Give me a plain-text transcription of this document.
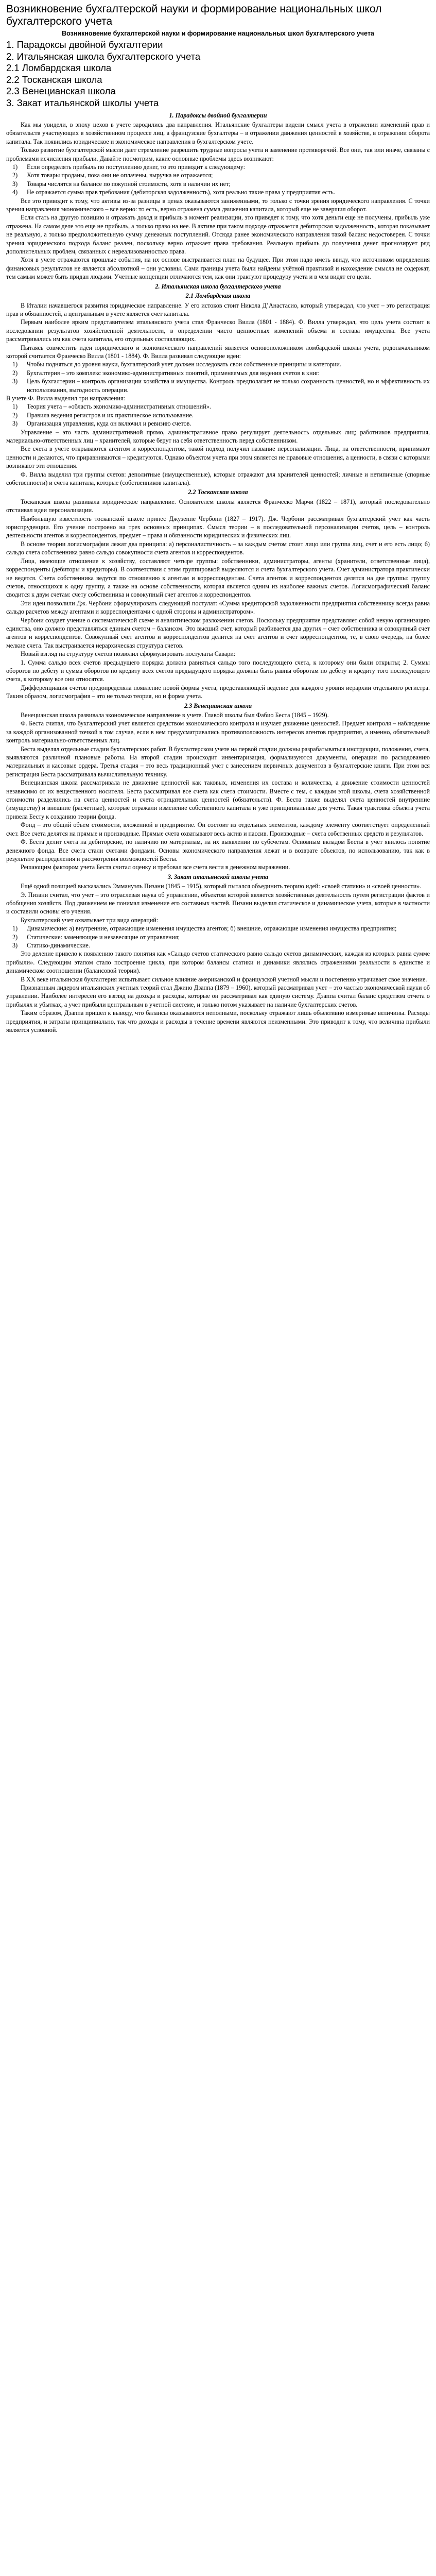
Возникновение бухгалтерской науки и формирование национальных школ бухгалтерского учета
Возникновение бухгалтерской науки и формирование национальных школ бухгалтерского учета
1. Парадоксы двойной бухгалтерии
2. Итальянская школа бухгалтерского учета
2.1 Ломбардская школа
2.2 Тосканская школа
2.3 Венецианская школа
3. Закат итальянской школы учета
1. Парадоксы двойной бухгалтерии
Как мы увидели, в эпоху цехов в учете зародились два направления. Итальянские бухгалтеры видели смысл учета в отражении изменений прав и обязательств участвующих в хозяйственном процессе лиц, а французские бухгалтеры – в отражении движения ценностей в хозяйстве, в отражении оборота капитала. Так появились юридическое и экономическое направления в бухгалтерском учете.
Только развитие бухгалтерской мысли дает стремление разрешить трудные вопросы учета и заменение противоречий. Все они, так или иначе, связаны с проблемами исчисления прибыли. Давайте посмотрим, какие основные проблемы здесь возникают:
1) Если определять прибыль по поступлению денег, то это приводит к следующему:
2) Хотя товары проданы, пока они не оплачены, выручка не отражается;
3) Товары числятся на балансе по покупной стоимости, хотя в наличии их нет;
4) Не отражается сумма прав требования (дебиторская задолженность), хотя реально такие права у предприятия есть.
Все это приводит к тому, что активы из-за разницы в ценах оказываются заниженными, то только с точки зрения юридического направления. С точки зрения направления экономического – все верно: то есть, верно отражена сумма движения капитала, который еще не завершил оборот.
Если стать на другую позицию и отражать доход и прибыль в момент реализации, это приведет к тому, что хотя деньги еще не получены, прибыль уже отражена. На самом деле это еще не прибыль, а только право на нее. В активе при таком подходе отражается дебиторская задолженность, которая показывает не реальную, а только предположительную сумму денежных поступлений. Отсюда ранее экономического направления такой баланс недостоверен. С точки зрения юридического подхода баланс реален, поскольку верно отражает права требования. Реальную прибыль до получения денег прогнозирует ряд дополнительных проблем, связанных с нереализованностью права.
Хотя в учете отражаются прошлые события, на их основе выстраивается план на будущее. При этом надо иметь ввиду, что источником определения финансовых результатов не является абсолютной – они условны. Сами границы учета были найдены учётной практикой и нахождение смысла не содержат, тем самым может быть придан людьми. Учетные концепции отличаются тем, как они трактуют процедуру учета и в чем видят его цели.
2. Итальянская школа бухгалтерского учета
2.1 Ломбардская школа
В Италии начавшегося развития юридическое направление. У его истоков стоит Никола Д’Анастасио, который утверждал, что учет – это регистрация прав и обязанностей, а центральным в учете является счет капитала.
Первым наиболее ярким представителем итальянского учета стал Франческо Вилла (1801 - 1884). Ф. Вилла утверждал, что цель учета состоит в исследовании результатов хозяйственной деятельности, в определении чисто ценностных изменений объема и состава имущества. Все учета рассматривались им как счета капитала, его отдельных составляющих.
Пытаясь совместить идеи юридического и экономического направлений является основоположником ломбардской школы учета, родоначальником которой считается Франческо Вилла (1801 - 1884). Ф. Вилла развивал следующие идеи:
1) Чтобы подняться до уровня науки, бухгалтерский учет должен исследовать свои собственные принципы и категории.
2) Бухгалтерия – это комплекс экономико-административных понятий, применяемых для ведения счетов в книг.
3) Цель бухгалтерии – контроль организации хозяйства и имущества. Контроль предполагает не только сохранность ценностей, но и эффективность их использования, выгодность операции.
В учете Ф. Вилла выделил три направления:
1) Теория учета – «область экономико-административных отношений».
2) Правила ведения регистров и их практическое использование.
3) Организация управления, куда он включил и ревизию счетов.
Управление – это часть административной прямо, административное право регулирует деятельность отдельных лиц; работников предприятия, материально-ответственных лиц – хранителей, которые берут на себя ответственность перед собственником.
Все счета в учете открываются агентом и корреспондентом, такой подход получил название персонализации. Лица, на ответственности, принимают ценности и делаются, что приравниваются – кредитуются. Однако объектом учета при этом является не правовые отношения, а ценности, в связи с которыми возникают эти отношения.
Ф. Вилла выделил три группы счетов: деполитные (имущественные), которые отражают для хранителей ценностей; личные и нетипичные (спорные собственности) и счета капитала, которые (собственников капитала).
2.2 Тосканская школа
Тосканская школа развивала юридическое направление. Основателем школы является Франческо Марчи (1822 – 1871), который последовательно отстаивал идеи персонализации.
Наибольшую известность тосканской школе принес Джузеппе Чербони (1827 – 1917). Дж. Чербони рассматривал бухгалтерский учет как часть юриспруденции. Его учение построено на трех основных принципах. Смысл теории – в последовательной персонализации счетов, цель – контроль деятельности агентов и корреспондентов, предмет – права и обязанности юридических и физических лиц.
В основе теории логисмографии лежат два принципа: а) персоналистичность – за каждым счетом стоит лицо или группа лиц, счет и его есть лицо; б) сальдо счета собственника равно сальдо совокупности счета агентов и корреспондентов.
Лица, имеющие отношение к хозяйству, составляют четыре группы: собственники, администраторы, агенты (хранители, ответственные лица), корреспонденты (дебиторы и кредиторы). В соответствии с этим группировкой выделяются и счета бухгалтерского учета. Счет администратора практически не ведется. Счета собственника ведутся по отношению к агентам и корреспондентам. Счета агентов и корреспондентов делятся на две группы: группу счетов, относящихся к одну группу, а также на основе собственности, которая является одним из наиболее важных счетов. Логисмографический баланс сводится к двум счетам: счету собственника и совокупный счет агентов и корреспондентов.
Эти идеи позволили Дж. Чербони сформулировать следующий постулат: «Сумма кредиторской задолженности предприятия собственнику всегда равна сальдо расчетов между агентами и корреспондентами с одной стороны и администратором».
Чербони создает учение о систематической схеме и аналитическом разложении счетов. Поскольку предприятие представляет собой некую организацию единства, оно должно представляться единым счетом – балансом. Это высший счет, который разбивается два других – счет собственника и совокупный счет агентов и корреспондентов. Совокупный счет агентов и корреспондентов делится на счет агентов и счет корреспондентов, те, в свою очередь, на более мелкие счета. Так выстраивается иерархическая структура счетов.
Новый взгляд на структуру счетов позволил сформулировать постулаты Савари:
1. Сумма сальдо всех счетов предыдущего порядка должна равняться сальдо того последующего счета, к которому они были открыты; 2. Суммы оборотов по дебету и сумма оборотов по кредиту всех счетов предыдущего порядка должны быть равны оборотам по дебету и кредиту того последующего счета, к которому все они относятся.
Дифференциация счетов предопределяла появление новой формы учета, представляющей ведение для каждого уровня иерархии отдельного регистра. Таким образом, логисмография – это не только теория, но и форма учета.
2.3 Венецианская школа
Венецианская школа развивала экономическое направление в учете. Главой школы был Фабио Беста (1845 – 1929).
Ф. Беста считал, что бухгалтерский учет является средством экономического контроля и изучает движение ценностей. Предмет контроля – наблюдение за каждой организованной точкой в том случае, если в нем предусматривались противоположность интересов агентов предприятия, а именно, обязательный контроль материально-ответственных лиц.
Беста выделял отдельные стадии бухгалтерских работ. В бухгалтерском учете на первой стадии должны разрабатываться инструкции, положения, счета, выявляются различной плановые работы. На второй стадии происходит инвентаризация, формализуются документы, операции по расходованию материальных и кассовые ордера. Третья стадия – это весь традиционный учет с занесением первичных документов в бухгалтерские книги. При этом вся регистрация Беста рассматривала вычислительную технику.
Венецианская школа рассматривала не движение ценностей как таковых, изменения их состава и количества, а движение стоимости ценностей независимо от их вещественного носителя. Беста рассматривал все счета как счета стоимости. Вместе с тем, с каждым этой школы, счета хозяйственной стоимости разделились на счета ценностей и счета отрицательных ценностей (обязательств). Ф. Беста также выделял счета ценностей внутренние (имуществу) и внешние (расчетные), которые отражали изменение собственного капитала и уже принципиальные для учета. Такая трактовка объекта учета привела Бесту к созданию теории фонда.
Фонд – это общий объем стоимости, вложенной в предприятие. Он состоит из отдельных элементов, каждому элементу соответствует определенный счет. Все счета делятся на прямые и производные. Прямые счета охватывают весь актив и пассив. Производные – счета собственных средств и результатов.
Ф. Беста делит счета на дебиторские, по наличию по материалам, на их выявлении по субсчетам. Основным вкладом Бесты в учет явилось понятие денежного фонда. Все счета стали счетами фондами. Основы экономического направления лежат и в возврате объектов, по использованию, так как в результате распределения и рассмотрения возможностей Бесты.
Решающим фактором учета Беста считал оценку и требовал все счета вести в денежном выражении.
3. Закат итальянской школы учета
Ещё одной позицией высказались Эммануэль Пизани (1845 – 1915), который пытался объединить теорию идей: «своей статики» и «своей ценности».
Э. Пизани считал, что учет – это отраслевая наука об управлении, объектом которой является хозяйственная деятельность путем регистрации фактов и обобщения хозяйств. Под движением не понимал изменение его составных частей. Пизани выделил статическое и динамическое учета, которые в частности и составили основы его учения.
Бухгалтерский учет охватывает три вида операций:
1) Динамические: а) внутренние, отражающие изменения имущества агентов; б) внешние, отражающие изменения имущества предприятия;
2) Статические: заменяющие и незавесящие от управления;
3) Статико-динамические.
Это деление привело к появлению такого понятия как «Сальдо счетов статического равно сальдо счетов динамических, каждая из которых равна сумме прибыли». Следующим этапом стало построение цикла, при котором балансы статики и динамики являлись отражениями реальности в единстве и динамическом соотношении (балансовой теории).
В XX веке итальянская бухгалтерия испытывает сильное влияние американской и французской учетной мысли и постепенно утрачивает свое значение.
Признанным лидером итальянских учетных теорий стал Джино Дзаппа (1879 – 1960), который рассматривал учет – это частью экономической науки об управлении. Наиболее интересен его взгляд на доходы и расходы, которые он рассматривал как единую систему. Дзаппа считал баланс средством отчета о прибылях и убытках, а учет прибыли центральным в учетной системе, и только потом указывает на наличие бухгалтерских счетов.
Таким образом, Дзаппа пришел к выводу, что балансы оказываются неполными, поскольку отражают лишь объективно измеримые величины. Расходы предприятия, и затраты принципиально, так что доходы и расходы в течение времени являются неизменными. Это приводит к тому, что величина прибыли является условной.
